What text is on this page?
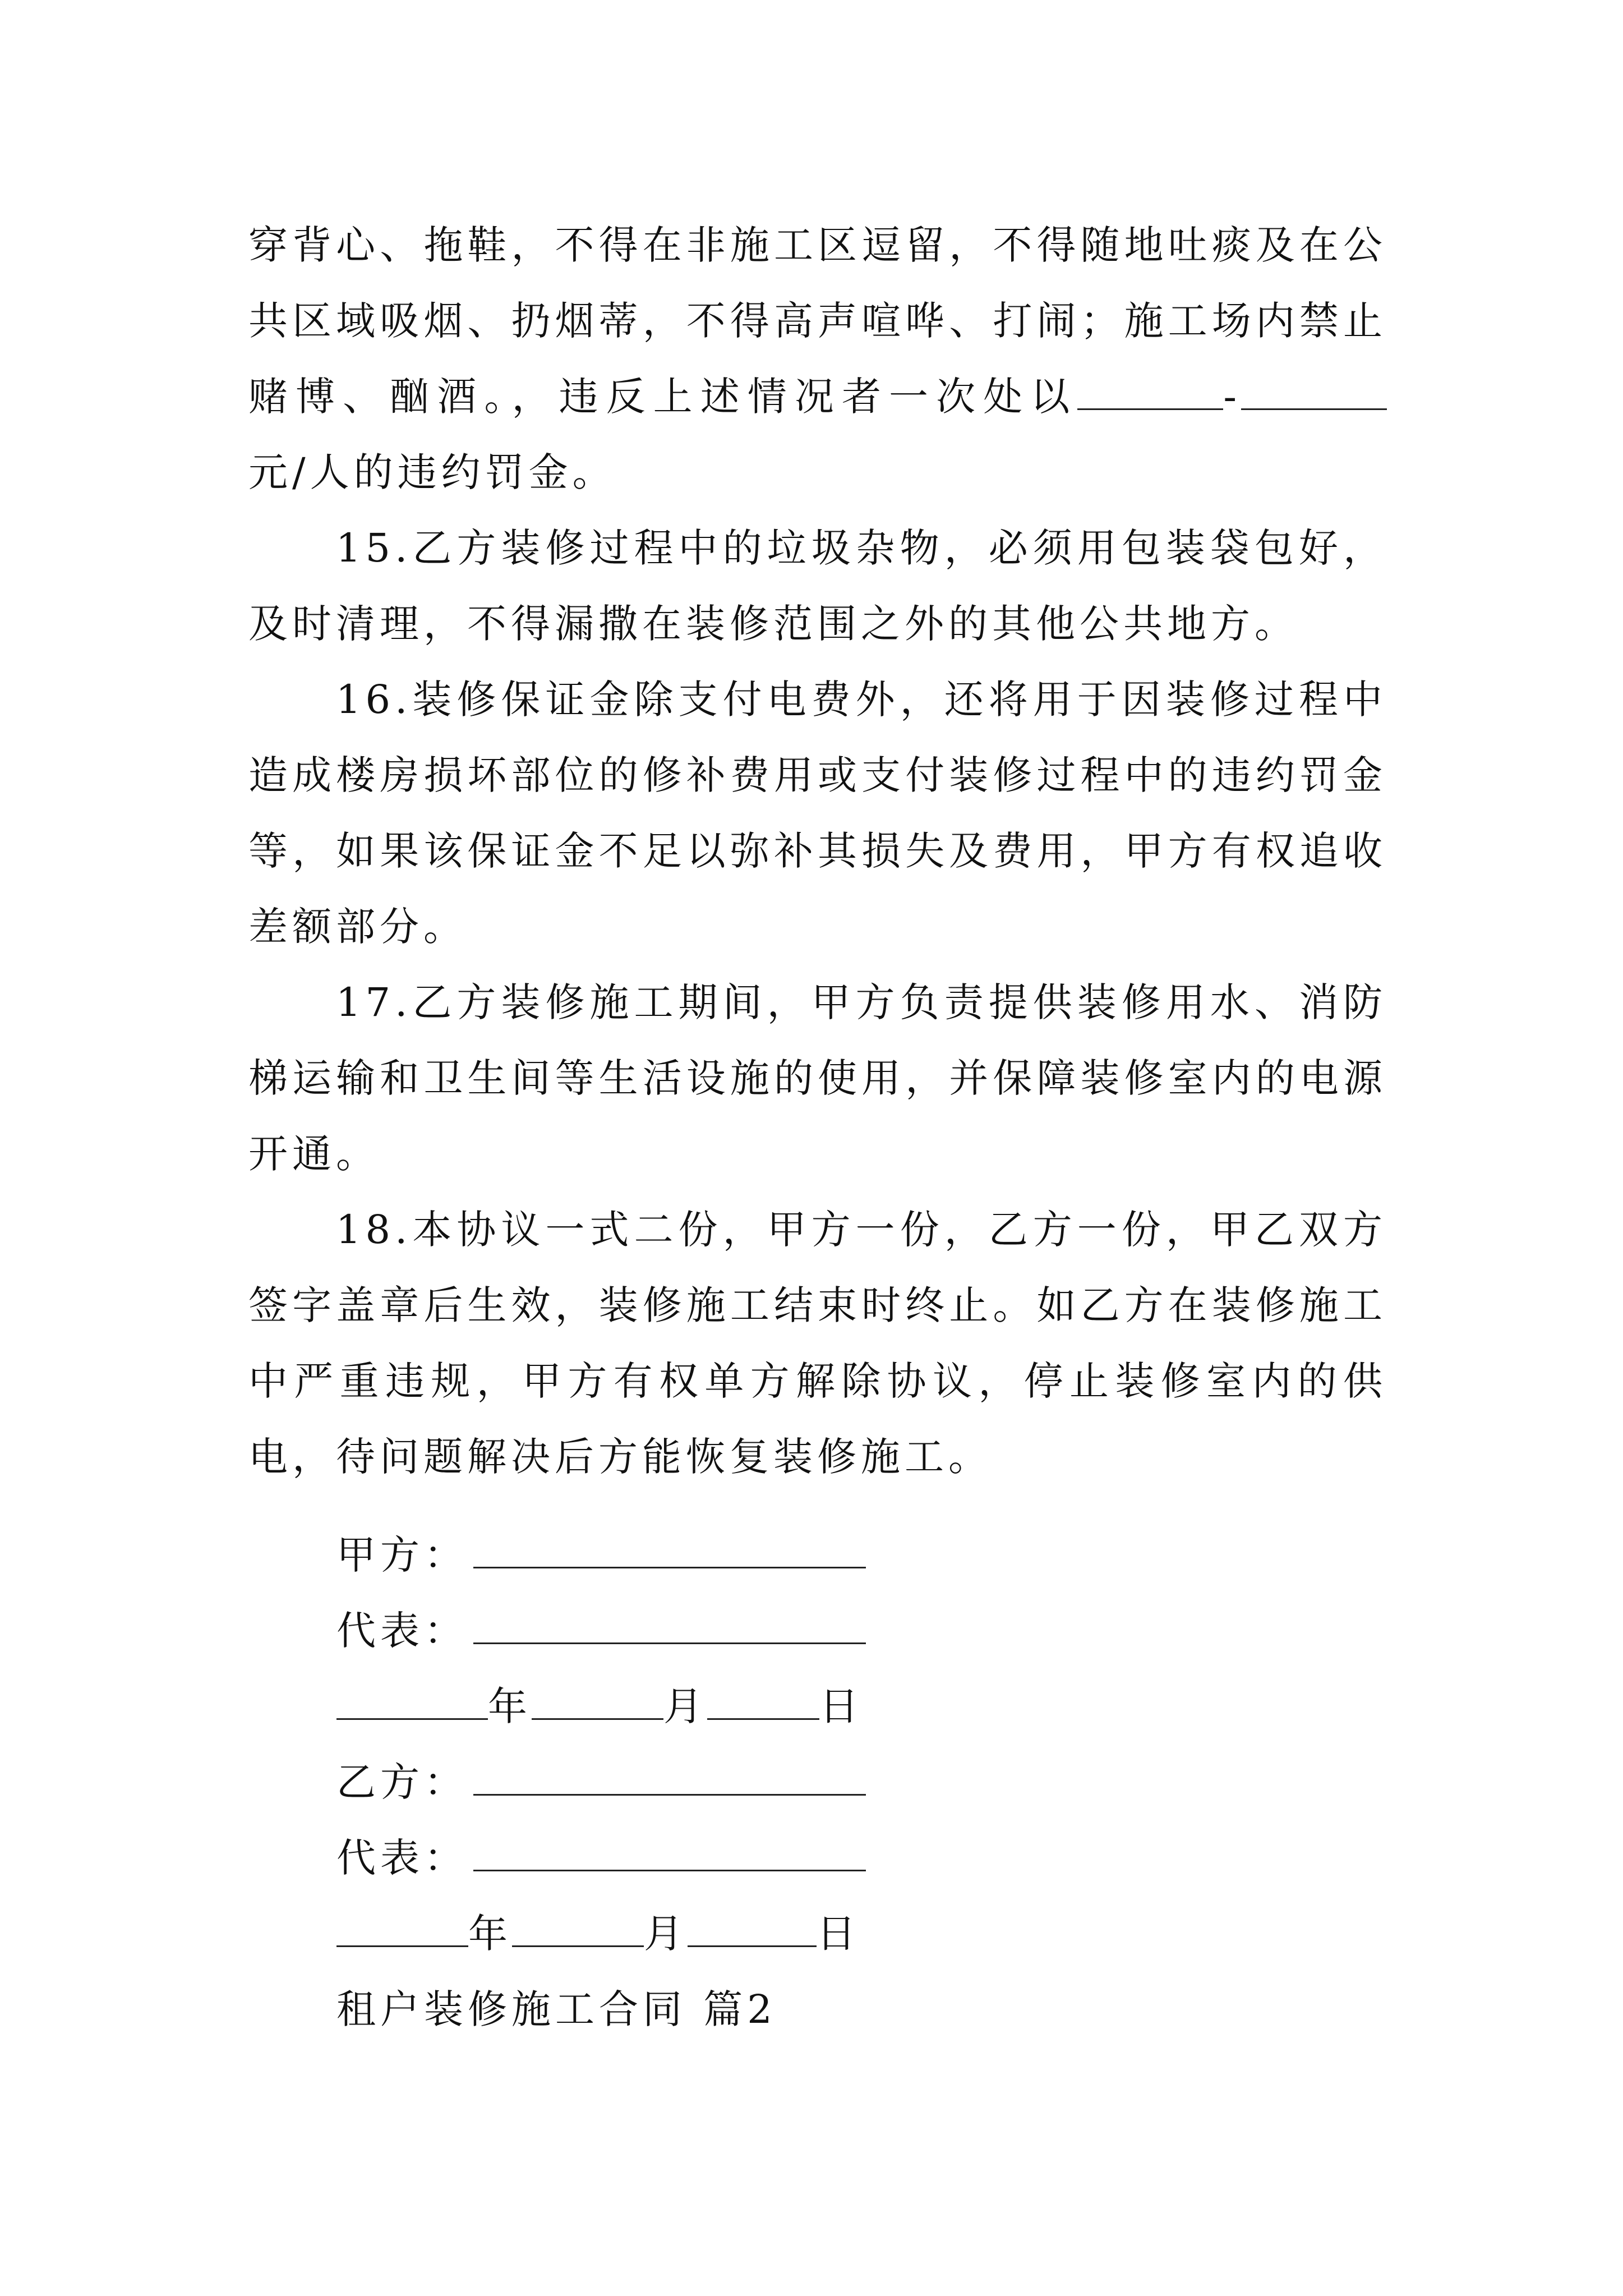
穿背心、拖鞋，不得在非施工区逗留，不得随地吐痰及在公共区域吸烟、扔烟蒂，不得高声喧哗、打闹；施工场内禁止赌博、酗酒。，违反上述情况者一次处以	-元/人的违约罚金。

15.乙方装修过程中的垃圾杂物，必须用包装袋包好，及时清理，不得漏撒在装修范围之外的其他公共地方。

16.装修保证金除支付电费外，还将用于因装修过程中造成楼房损坏部位的修补费用或支付装修过程中的违约罚金等，如果该保证金不足以弥补其损失及费用，甲方有权追收差额部分。

17.乙方装修施工期间，甲方负责提供装修用水、消防梯运输和卫生间等生活设施的使用，并保障装修室内的电源开通。

18.本协议一式二份，甲方一份，乙方一份，甲乙双方签字盖章后生效，装修施工结束时终止。如乙方在装修施工中严重违规，甲方有权单方解除协议，停止装修室内的供电，待问题解决后方能恢复装修施工。

甲方：
代表：
年	月	日
乙方：
代表：
年	月	日
租户装修施工合同 篇2
